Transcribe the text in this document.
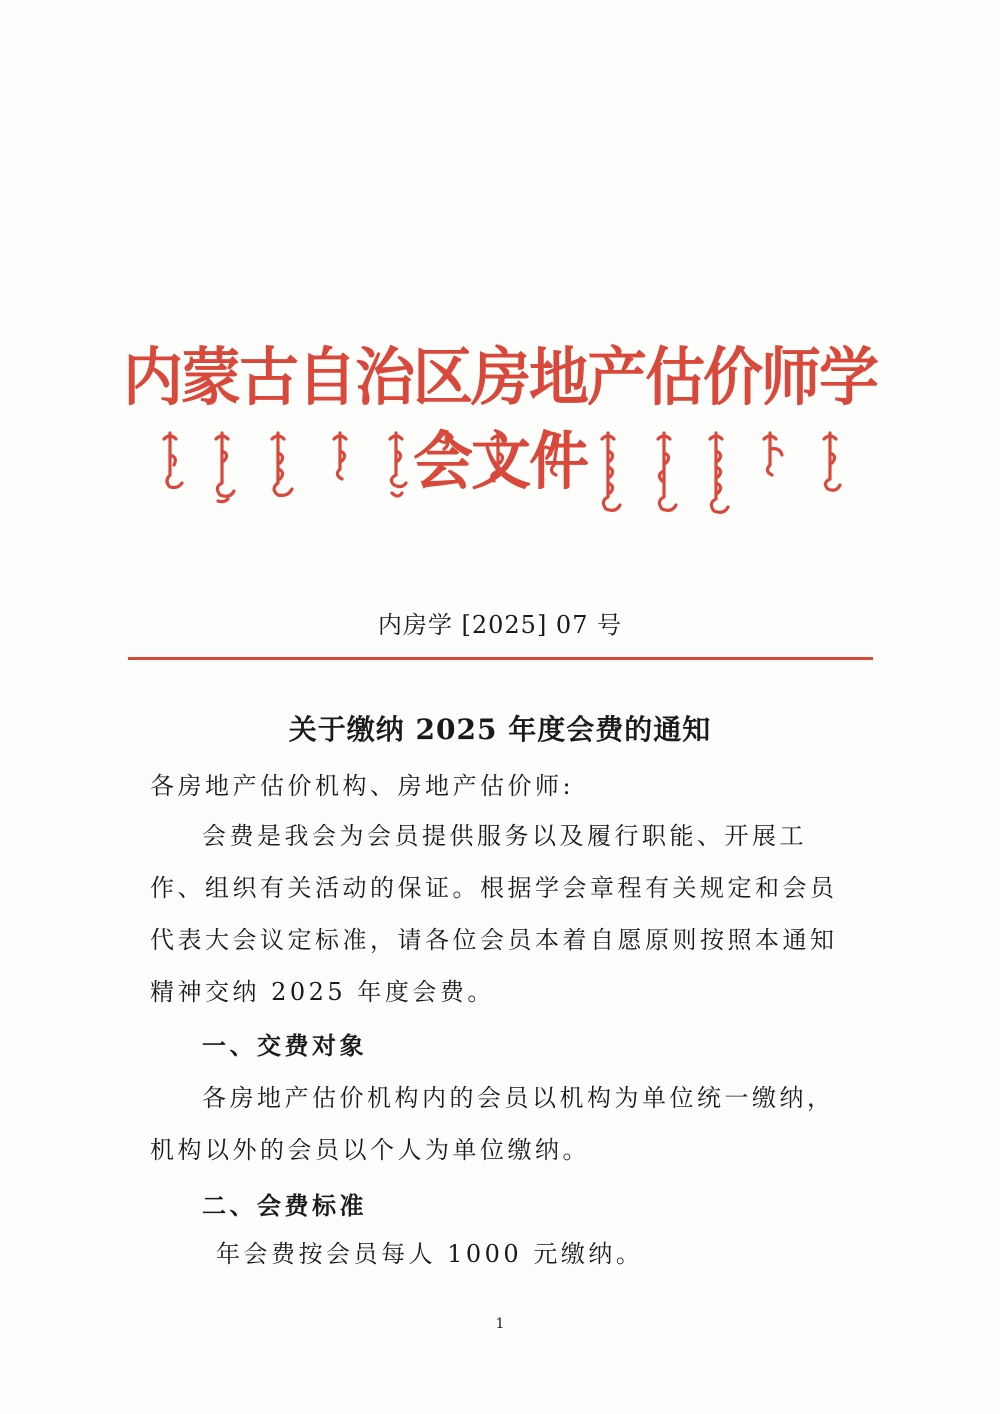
内蒙古自治区房地产估价师学会文件
内房学 [2025] 07 号
关于缴纳 2025 年度会费的通知
各房地产估价机构、房地产估价师:
会费是我会为会员提供服务以及履行职能、开展工作、组织有关活动的保证。根据学会章程有关规定和会员代表大会议定标准，请各位会员本着自愿原则按照本通知精神交纳 2025 年度会费。
一、交费对象
各房地产估价机构内的会员以机构为单位统一缴纳，机构以外的会员以个人为单位缴纳。
二、会费标准
年会费按会员每人 1000 元缴纳。
1
